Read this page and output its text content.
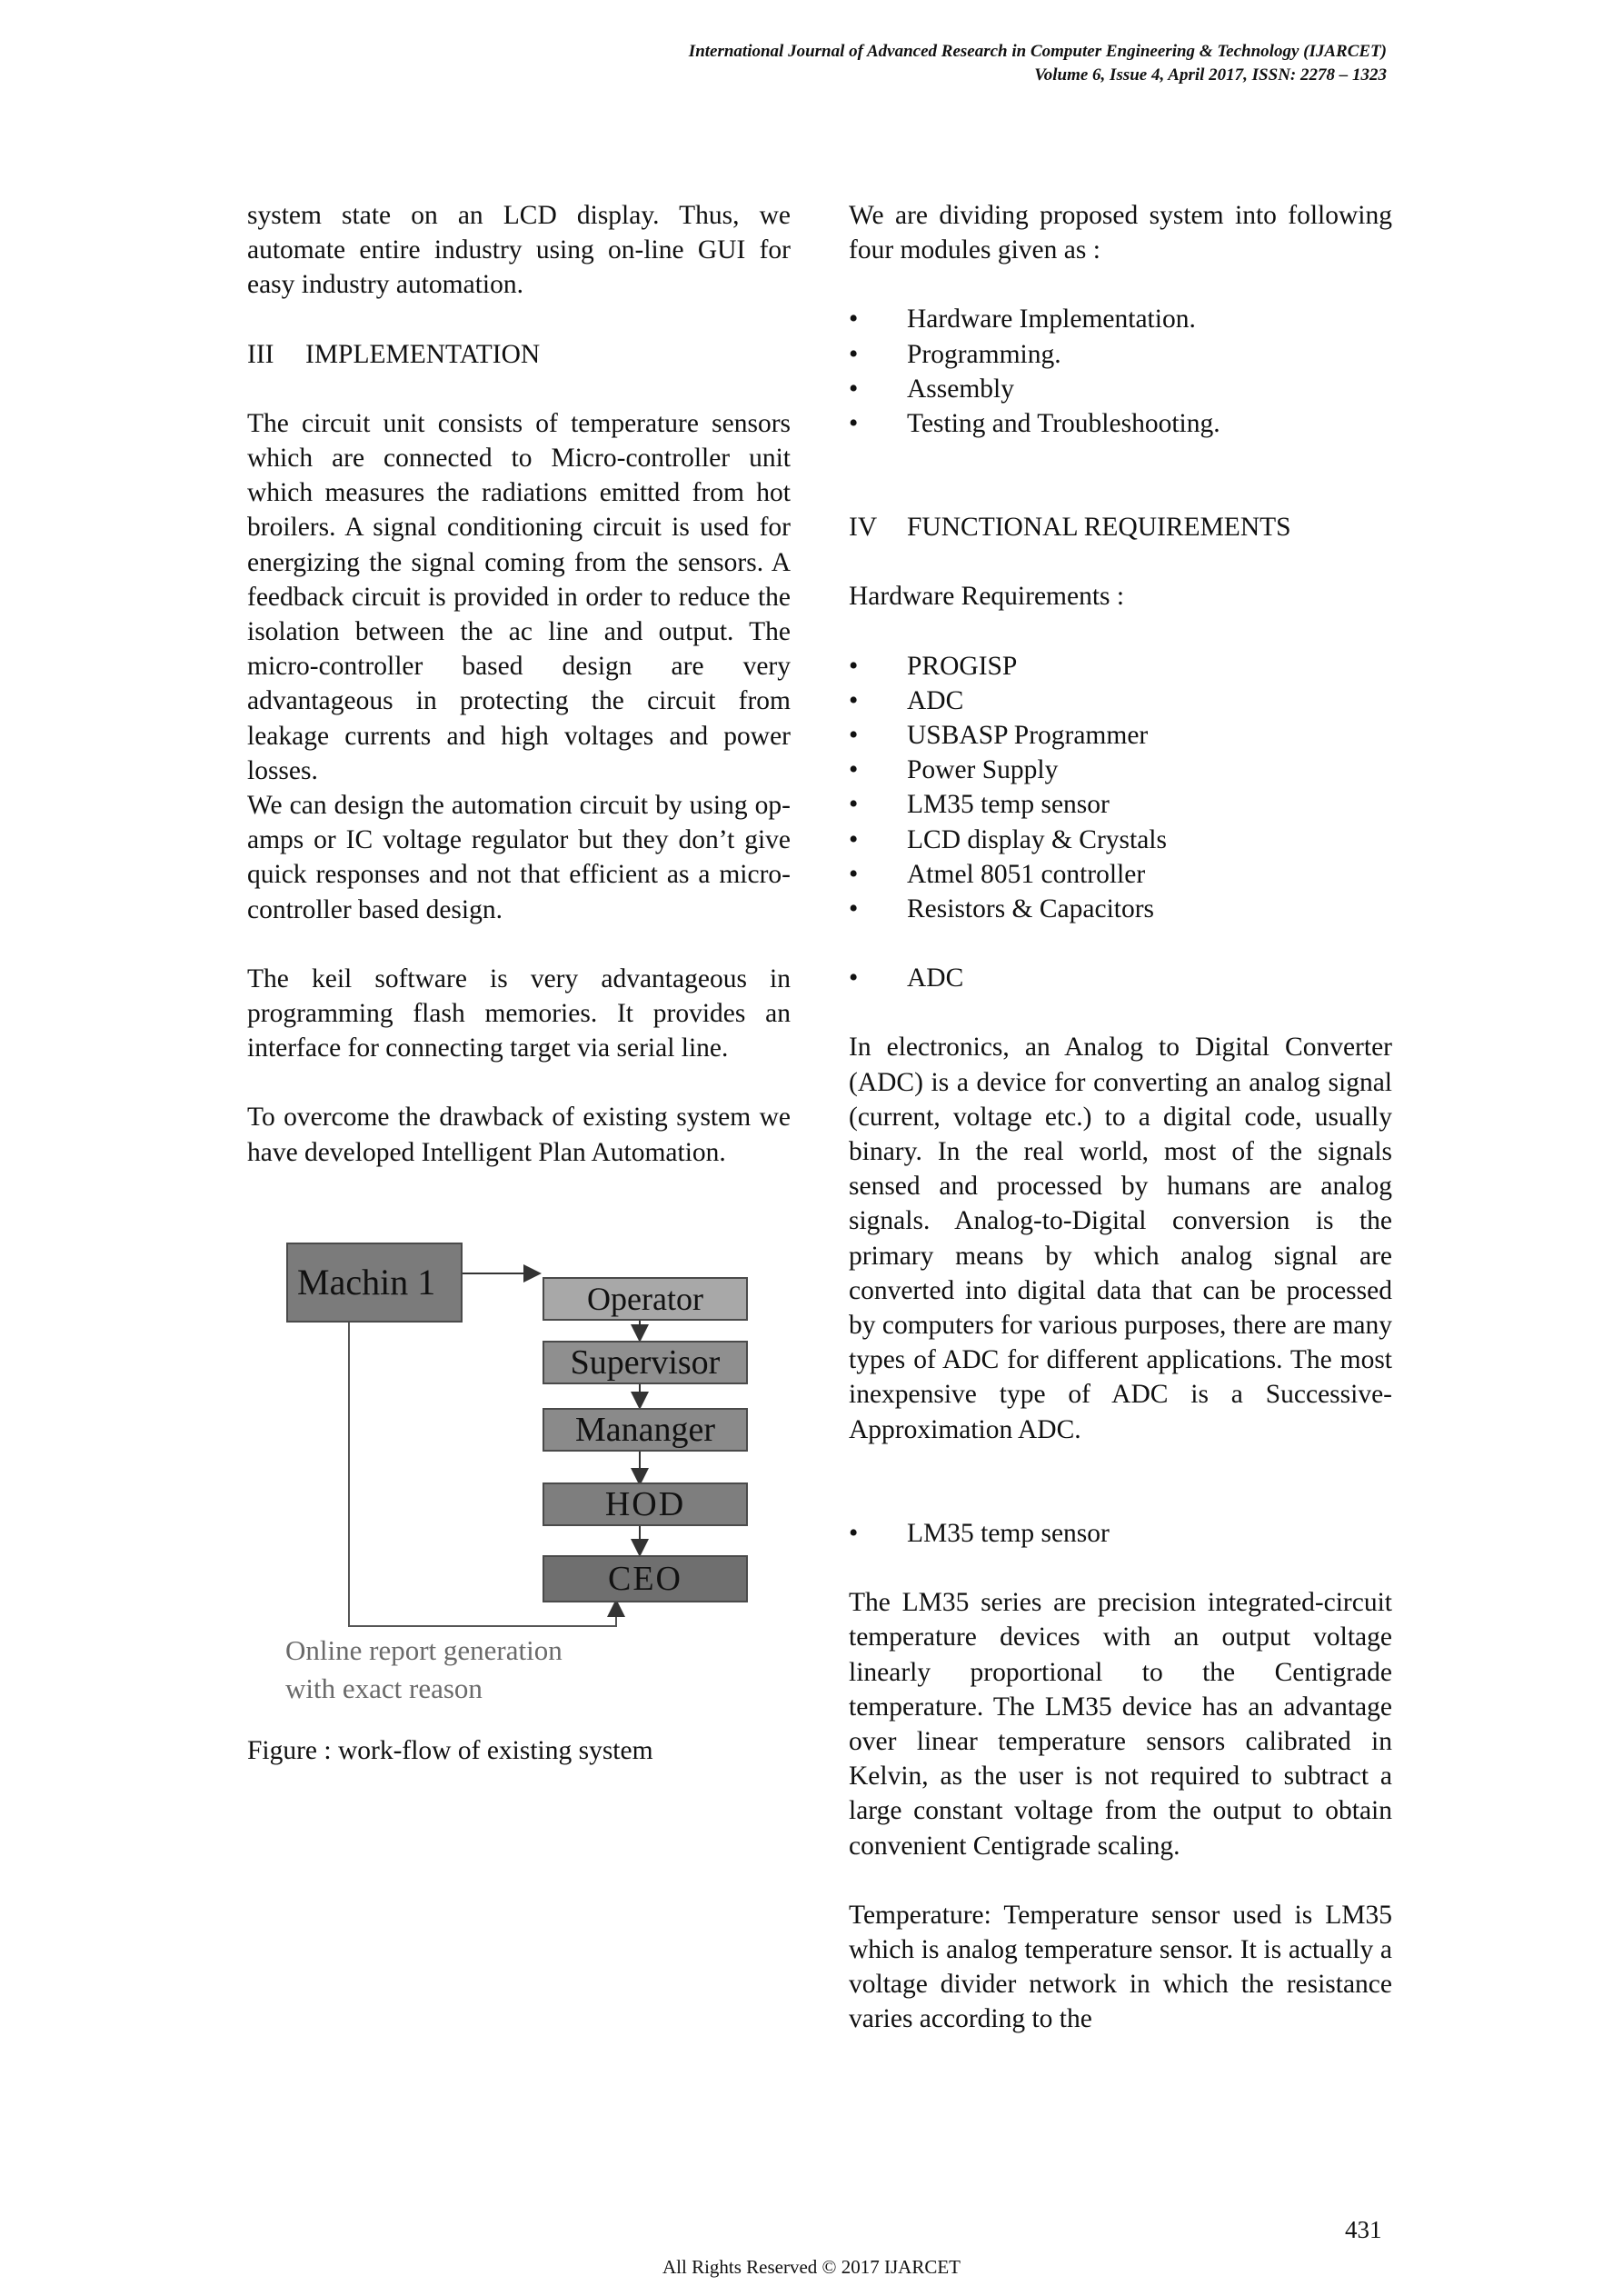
International Journal of Advanced Research in Computer Engineering & Technology (IJARCET)
Volume 6, Issue 4, April 2017, ISSN: 2278 – 1323

system state on an LCD display. Thus, we automate entire industry using on-line GUI for easy industry automation.

III IMPLEMENTATION

The circuit unit consists of temperature sensors which are connected to Micro-controller unit which measures the radiations emitted from hot broilers. A signal conditioning circuit is used for energizing the signal coming from the sensors. A feedback circuit is provided in order to reduce the isolation between the ac line and output. The micro-controller based design are very advantageous in protecting the circuit from leakage currents and high voltages and power losses.

We can design the automation circuit by using op-amps or IC voltage regulator but they don’t give quick responses and not that efficient as a micro-controller based design.

The keil software is very advantageous in programming flash memories. It provides an interface for connecting target via serial line.

To overcome the drawback of existing system we have developed Intelligent Plan Automation.

Machin 1	Operator
Supervisor
Mananger
HOD
CEO
Online report generation
with exact reason

Figure : work-flow of existing system

We are dividing proposed system into following four modules given as :

• Hardware Implementation.
• Programming.
• Assembly
• Testing and Troubleshooting.

IV FUNCTIONAL REQUIREMENTS

Hardware Requirements :

• PROGISP
• ADC
• USBASP Programmer
• Power Supply
• LM35 temp sensor
• LCD display & Crystals
• Atmel 8051 controller
• Resistors & Capacitors
• ADC

In electronics, an Analog to Digital Converter (ADC) is a device for converting an analog signal (current, voltage etc.) to a digital code, usually binary. In the real world, most of the signals sensed and processed by humans are analog signals. Analog-to-Digital conversion is the primary means by which analog signal are converted into digital data that can be processed by computers for various purposes, there are many types of ADC for different applications. The most inexpensive type of ADC is a Successive-Approximation ADC.

• LM35 temp sensor

The LM35 series are precision integrated-circuit temperature devices with an output voltage linearly proportional to the Centigrade temperature. The LM35 device has an advantage over linear temperature sensors calibrated in Kelvin, as the user is not required to subtract a large constant voltage from the output to obtain convenient Centigrade scaling.

Temperature: Temperature sensor used is LM35 which is analog temperature sensor. It is actually a voltage divider network in which the resistance varies according to the

431
All Rights Reserved © 2017 IJARCET
